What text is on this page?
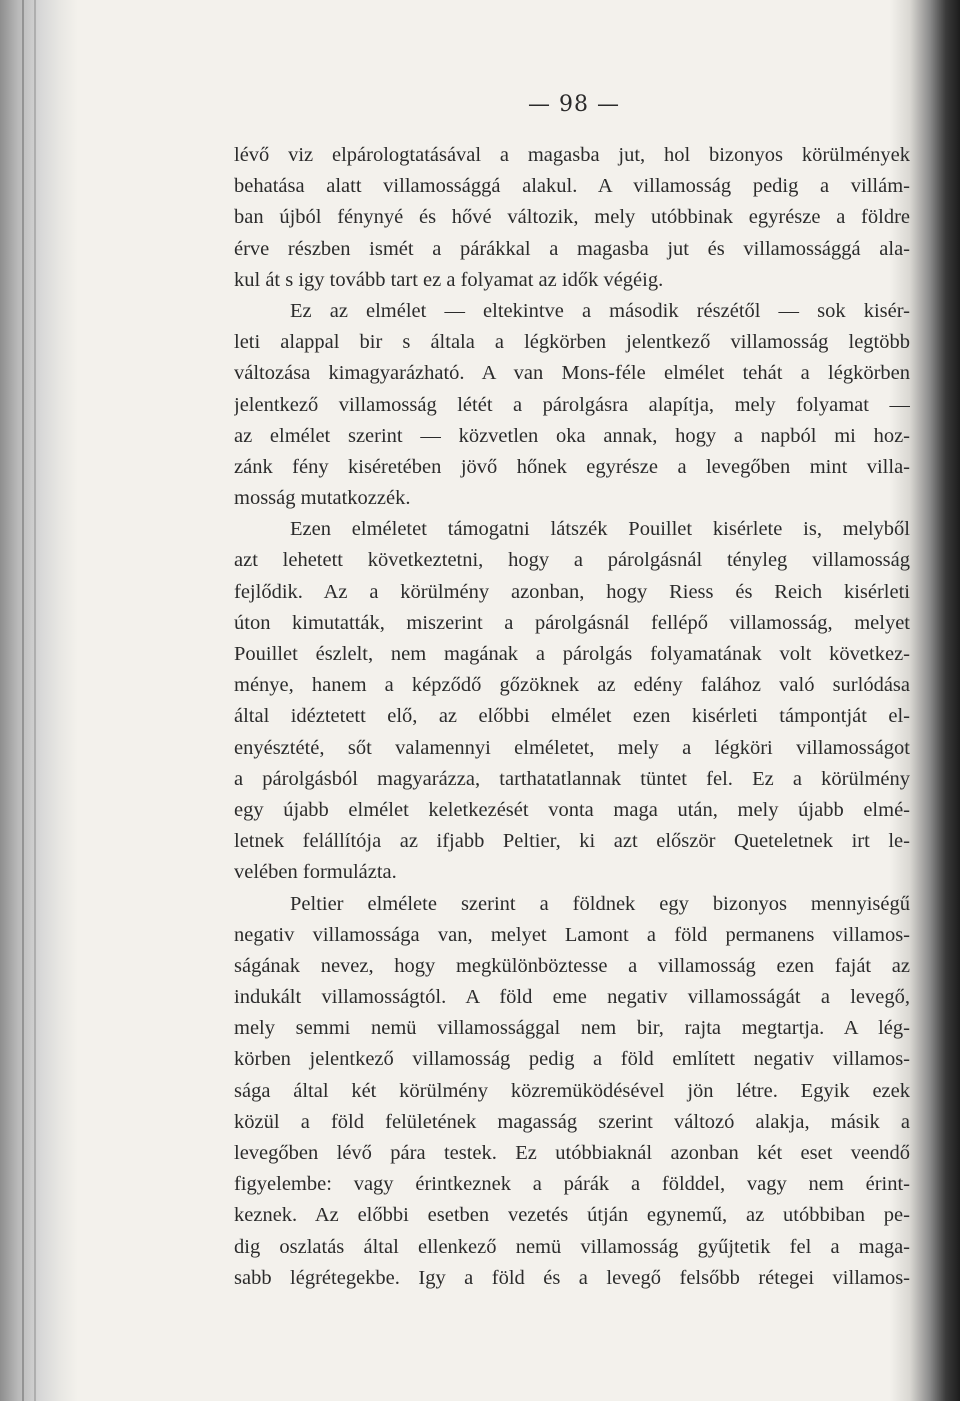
— 98 —
lévő viz elpárologtatásával a magasba jut, hol bizonyos körülmények
behatása alatt villamossággá alakul. A villamosság pedig a villám-
ban újból fénynyé és hővé változik, mely utóbbinak egyrésze a földre
érve részben ismét a párákkal a magasba jut és villamossággá ala-
kul át s igy tovább tart ez a folyamat az idők végéig.
Ez az elmélet — eltekintve a második részétől — sok kisér-
leti alappal bir s általa a légkörben jelentkező villamosság legtöbb
változása kimagyarázható. A van Mons-féle elmélet tehát a légkörben
jelentkező villamosság létét a párolgásra alapítja, mely folyamat —
az elmélet szerint — közvetlen oka annak, hogy a napból mi hoz-
zánk fény kiséretében jövő hőnek egyrésze a levegőben mint villa-
mosság mutatkozzék.
Ezen elméletet támogatni látszék Pouillet kisérlete is, melyből
azt lehetett következtetni, hogy a párolgásnál tényleg villamosság
fejlődik. Az a körülmény azonban, hogy Riess és Reich kisérleti
úton kimutatták, miszerint a párolgásnál fellépő villamosság, melyet
Pouillet észlelt, nem magának a párolgás folyamatának volt következ-
ménye, hanem a képződő gőzöknek az edény falához való surlódása
által idéztetett elő, az előbbi elmélet ezen kisérleti támpontját el-
enyésztété, sőt valamennyi elméletet, mely a légköri villamosságot
a párolgásból magyarázza, tarthatatlannak tüntet fel. Ez a körülmény
egy újabb elmélet keletkezését vonta maga után, mely újabb elmé-
letnek felállítója az ifjabb Peltier, ki azt először Queteletnek irt le-
velében formulázta.
Peltier elmélete szerint a földnek egy bizonyos mennyiségű
negativ villamossága van, melyet Lamont a föld permanens villamos-
ságának nevez, hogy megkülönböztesse a villamosság ezen faját az
indukált villamosságtól. A föld eme negativ villamosságát a levegő,
mely semmi nemü villamossággal nem bir, rajta megtartja. A lég-
körben jelentkező villamosság pedig a föld említett negativ villamos-
sága által két körülmény közremüködésével jön létre. Egyik ezek
közül a föld felületének magasság szerint változó alakja, másik a
levegőben lévő pára testek. Ez utóbbiaknál azonban két eset veendő
figyelembe: vagy érintkeznek a párák a földdel, vagy nem érint-
keznek. Az előbbi esetben vezetés útján egynemű, az utóbbiban pe-
dig oszlatás által ellenkező nemü villamosság gyűjtetik fel a maga-
sabb légrétegekbe. Igy a föld és a levegő felsőbb rétegei villamos-
